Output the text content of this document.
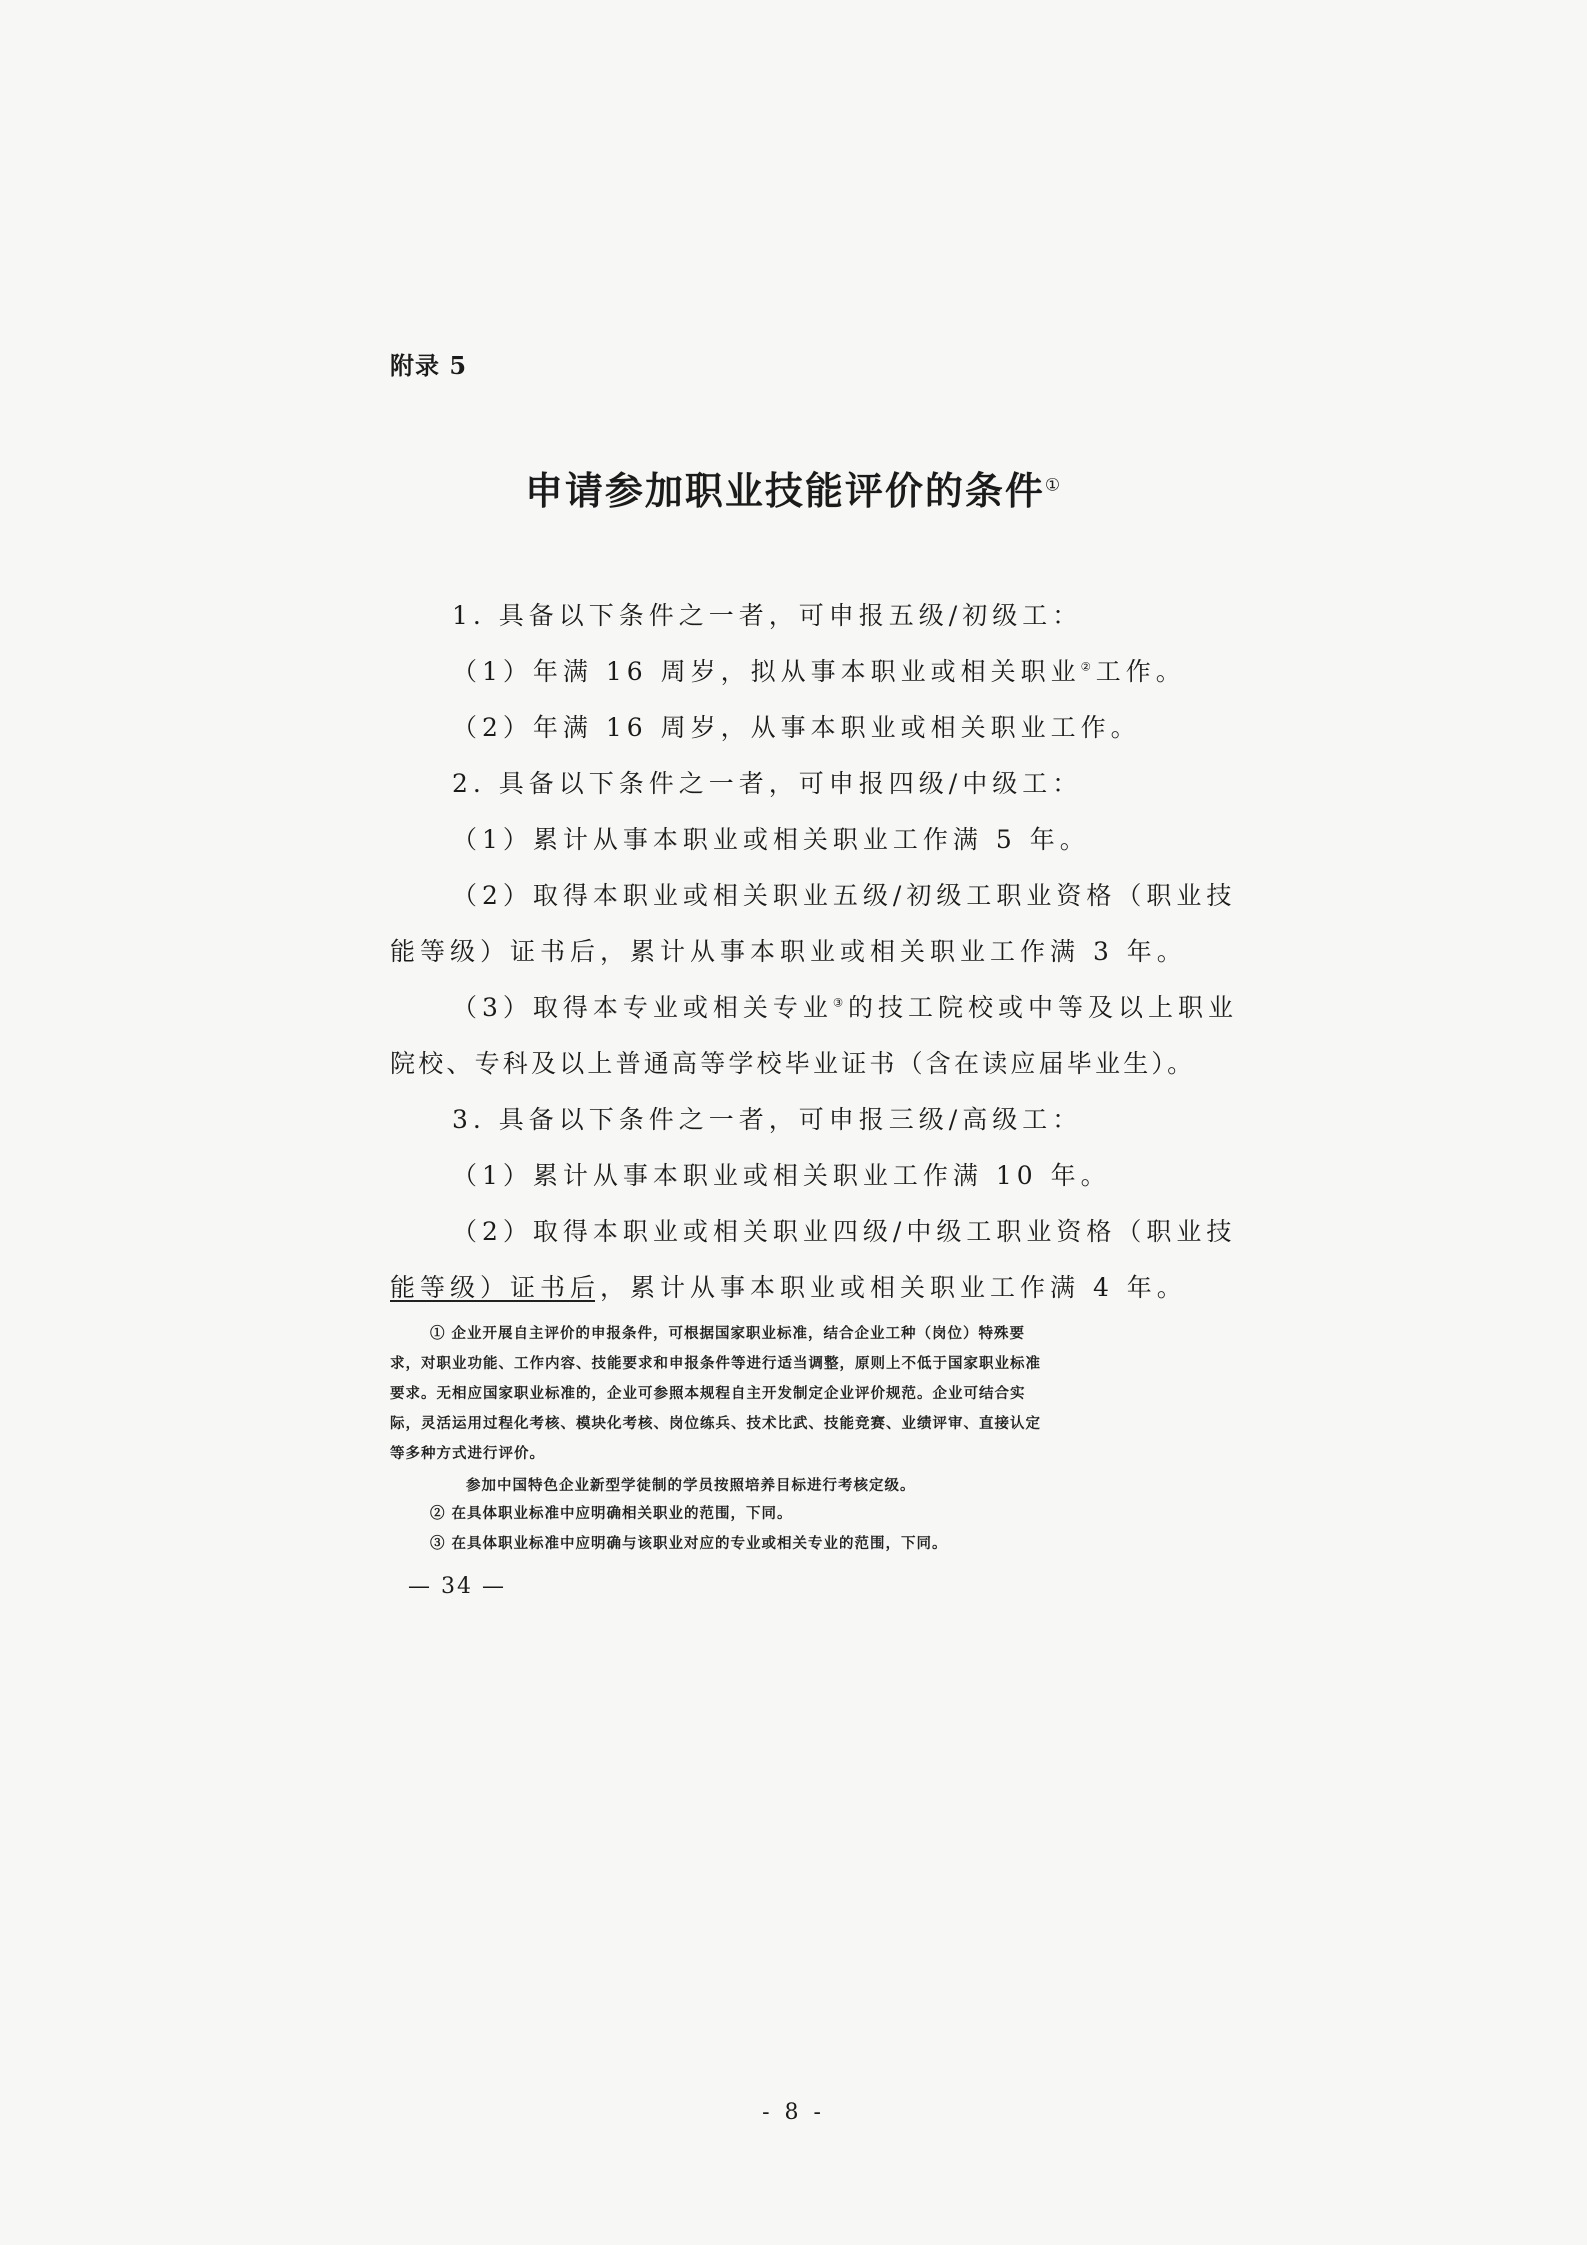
附录 5
申请参加职业技能评价的条件①
1. 具备以下条件之一者，可申报五级/初级工：
（1）年满 16 周岁，拟从事本职业或相关职业②工作。
（2）年满 16 周岁，从事本职业或相关职业工作。
2. 具备以下条件之一者，可申报四级/中级工：
（1）累计从事本职业或相关职业工作满 5 年。
（2）取得本职业或相关职业五级/初级工职业资格（职业技
能等级）证书后，累计从事本职业或相关职业工作满 3 年。
（3）取得本专业或相关专业③的技工院校或中等及以上职业
院校、专科及以上普通高等学校毕业证书（含在读应届毕业生）。
3. 具备以下条件之一者，可申报三级/高级工：
（1）累计从事本职业或相关职业工作满 10 年。
（2）取得本职业或相关职业四级/中级工职业资格（职业技
能等级）证书后，累计从事本职业或相关职业工作满 4 年。
① 企业开展自主评价的申报条件，可根据国家职业标准，结合企业工种（岗位）特殊要
求，对职业功能、工作内容、技能要求和申报条件等进行适当调整，原则上不低于国家职业标准
要求。无相应国家职业标准的，企业可参照本规程自主开发制定企业评价规范。企业可结合实
际，灵活运用过程化考核、模块化考核、岗位练兵、技术比武、技能竞赛、业绩评审、直接认定
等多种方式进行评价。
参加中国特色企业新型学徒制的学员按照培养目标进行考核定级。
② 在具体职业标准中应明确相关职业的范围，下同。
③ 在具体职业标准中应明确与该职业对应的专业或相关专业的范围，下同。
— 34 —
- 8 -
